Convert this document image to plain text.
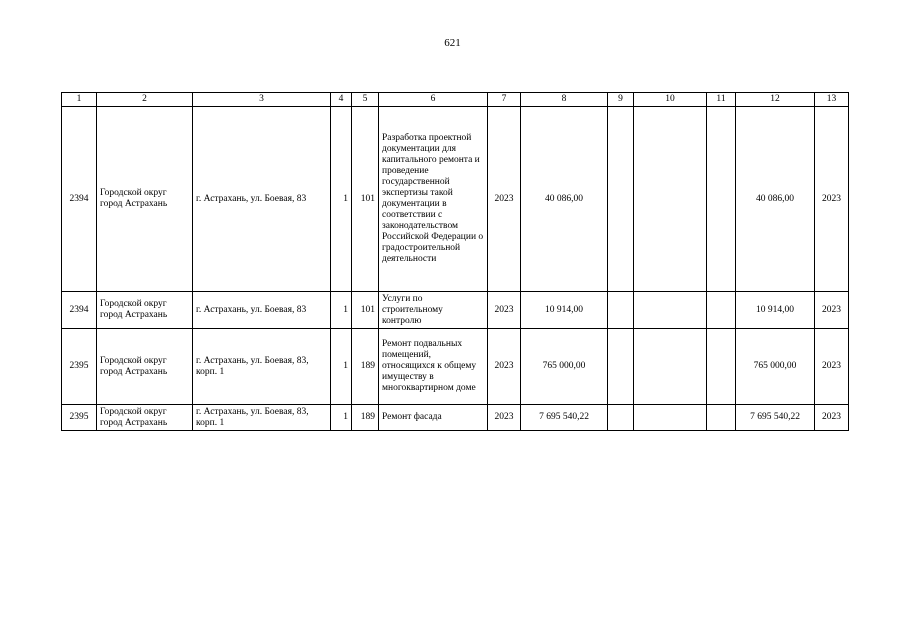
621
1	2	3	4	5	6	7	8	9	10	11	12	13
2394	Городской округ город Астрахань	г. Астрахань, ул. Боевая, 83	1	101	Разработка проектной документации для капитального ремонта и проведение государственной экспертизы такой документации в соответствии с законодательством Российской Федерации о градостроительной деятельности	2023	40 086,00				40 086,00	2023
2394	Городской округ город Астрахань	г. Астрахань, ул. Боевая, 83	1	101	Услуги по строительному контролю	2023	10 914,00				10 914,00	2023
2395	Городской округ город Астрахань	г. Астрахань, ул. Боевая, 83, корп. 1	1	189	Ремонт подвальных помещений, относящихся к общему имуществу в многоквартирном доме	2023	765 000,00				765 000,00	2023
2395	Городской округ город Астрахань	г. Астрахань, ул. Боевая, 83, корп. 1	1	189	Ремонт фасада	2023	7 695 540,22				7 695 540,22	2023
